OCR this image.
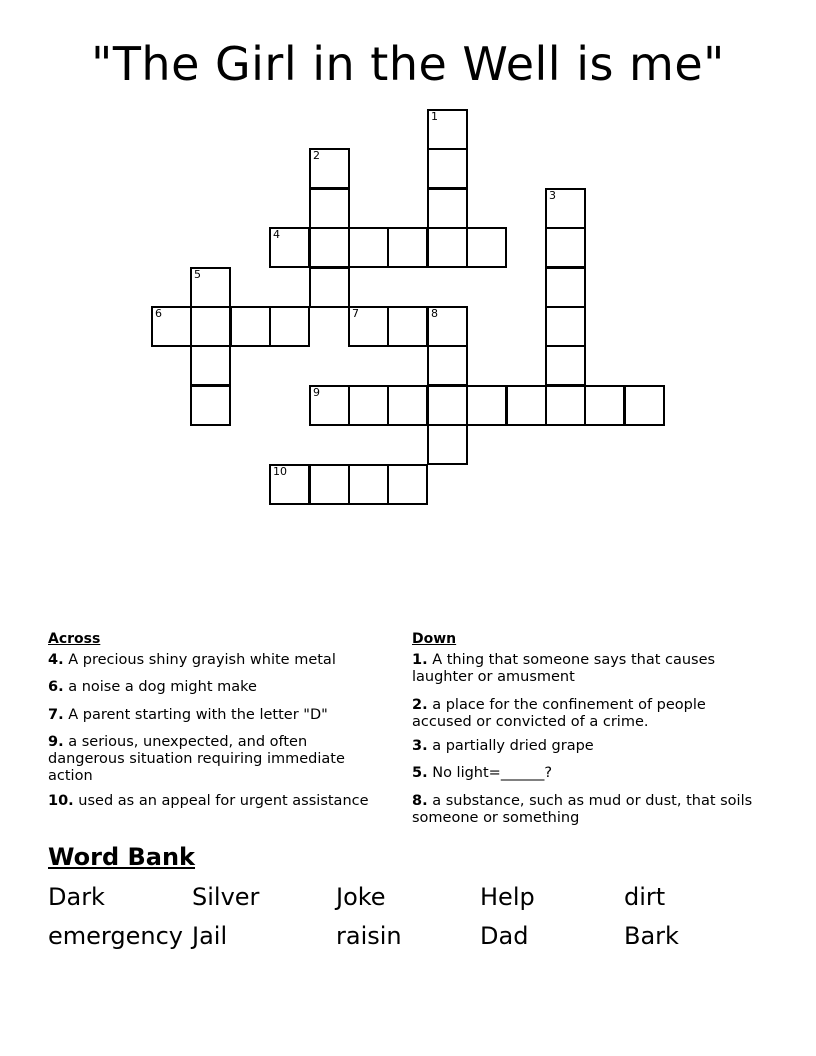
"The Girl in the Well is me"
1
2
3
4
5
6	7	8
9
10
Across
4. A precious shiny grayish white metal
6. a noise a dog might make
7. A parent starting with the letter "D"
9. a serious, unexpected, and often dangerous situation requiring immediate action
10. used as an appeal for urgent assistance
Down
1. A thing that someone says that causes laughter or amusment
2. a place for the confinement of people accused or convicted of a crime.
3. a partially dried grape
5. No light=______?
8. a substance, such as mud or dust, that soils someone or something
Word Bank
Dark	Silver	Joke	Help	dirt
emergency Jail	raisin	Dad	Bark
